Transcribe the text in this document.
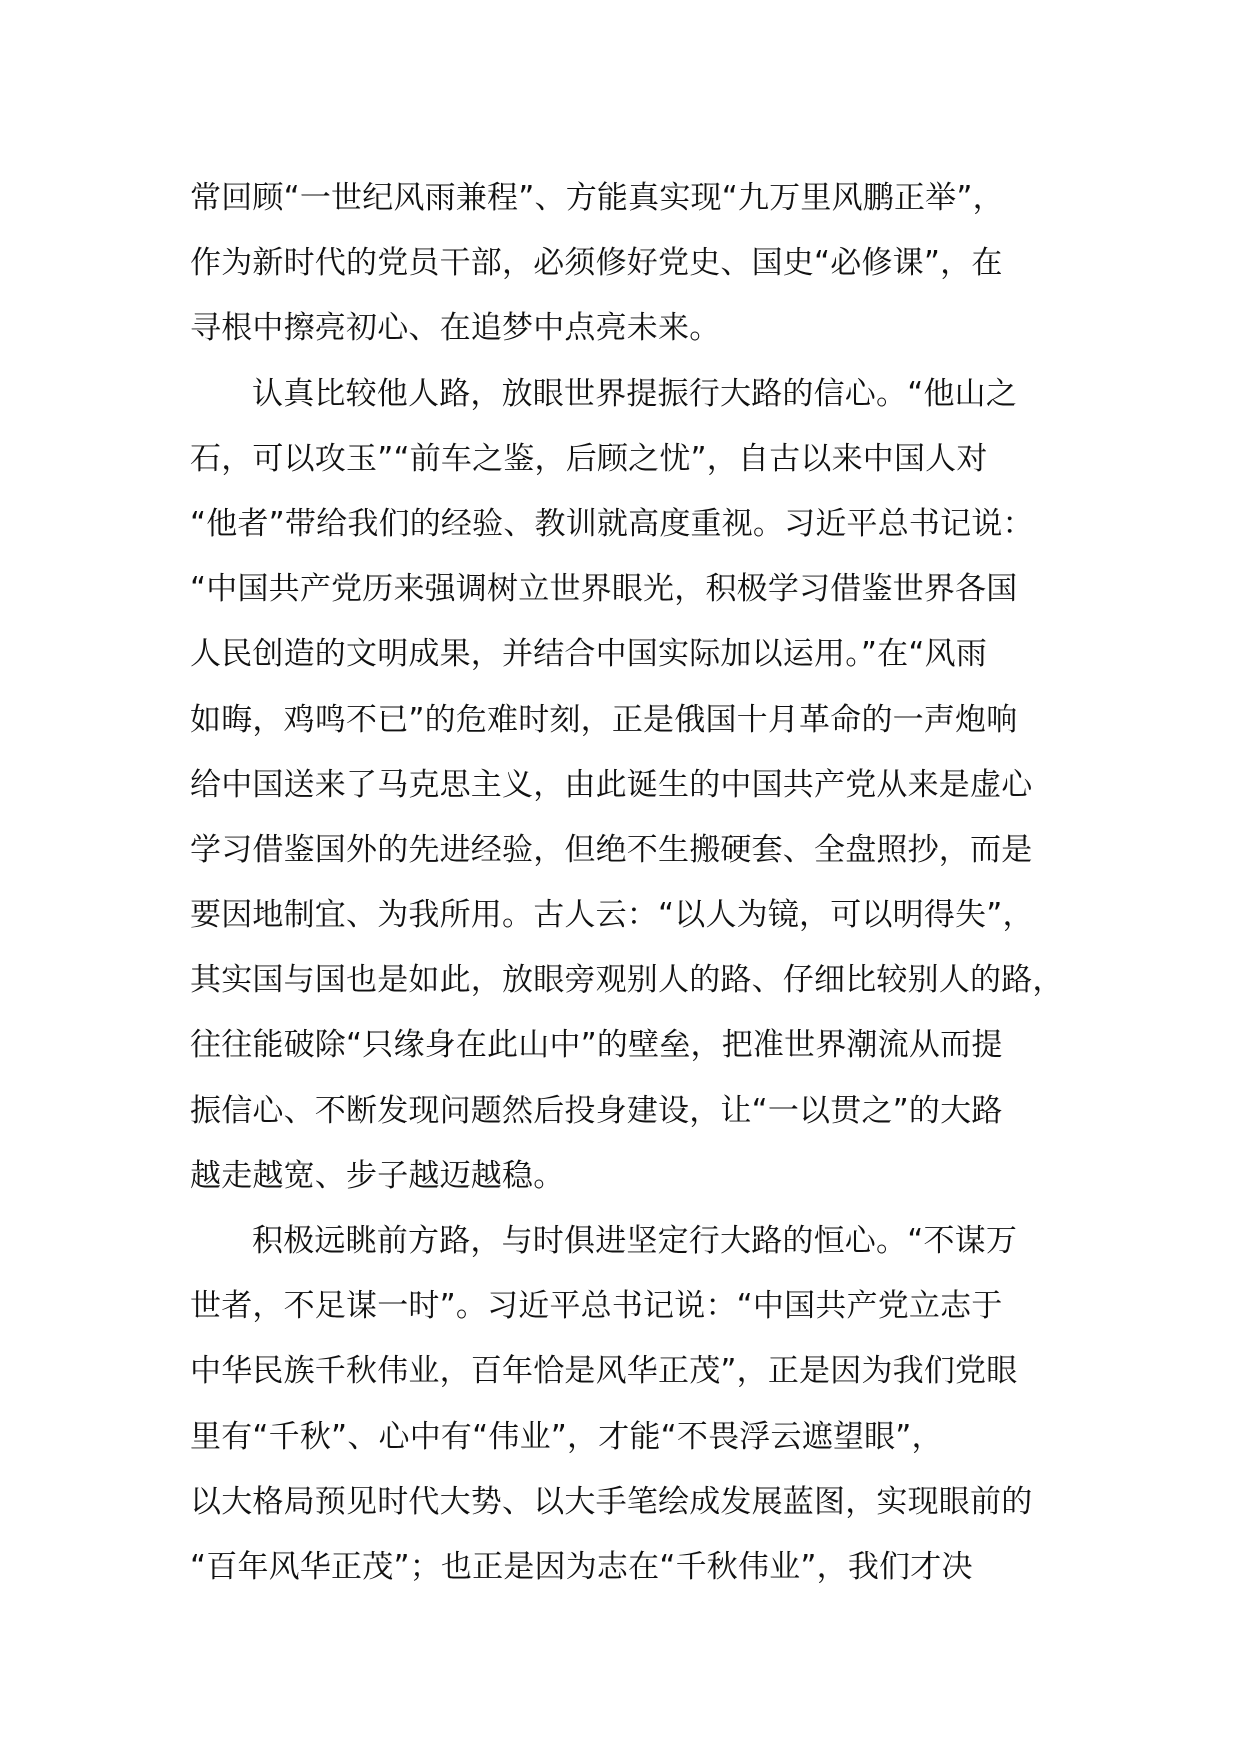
常回顾“一世纪风雨兼程”、方能真实现“九万里风鹏正举”，
作为新时代的党员干部，必须修好党史、国史“必修课”，在
寻根中擦亮初心、在追梦中点亮未来。
认真比较他人路，放眼世界提振行大路的信心。“他山之
石，可以攻玉”“前车之鉴，后顾之忧”，自古以来中国人对
“他者”带给我们的经验、教训就高度重视。习近平总书记说：
“中国共产党历来强调树立世界眼光，积极学习借鉴世界各国
人民创造的文明成果，并结合中国实际加以运用。”在“风雨
如晦，鸡鸣不已”的危难时刻，正是俄国十月革命的一声炮响
给中国送来了马克思主义，由此诞生的中国共产党从来是虚心
学习借鉴国外的先进经验，但绝不生搬硬套、全盘照抄，而是
要因地制宜、为我所用。古人云：“以人为镜，可以明得失”，
其实国与国也是如此，放眼旁观别人的路、仔细比较别人的路，
往往能破除“只缘身在此山中”的壁垒，把准世界潮流从而提
振信心、不断发现问题然后投身建设，让“一以贯之”的大路
越走越宽、步子越迈越稳。
积极远眺前方路，与时俱进坚定行大路的恒心。“不谋万
世者，不足谋一时”。习近平总书记说：“中国共产党立志于
中华民族千秋伟业，百年恰是风华正茂”，正是因为我们党眼
里有“千秋”、心中有“伟业”，才能“不畏浮云遮望眼”，
以大格局预见时代大势、以大手笔绘成发展蓝图，实现眼前的
“百年风华正茂”；也正是因为志在“千秋伟业”，我们才决
